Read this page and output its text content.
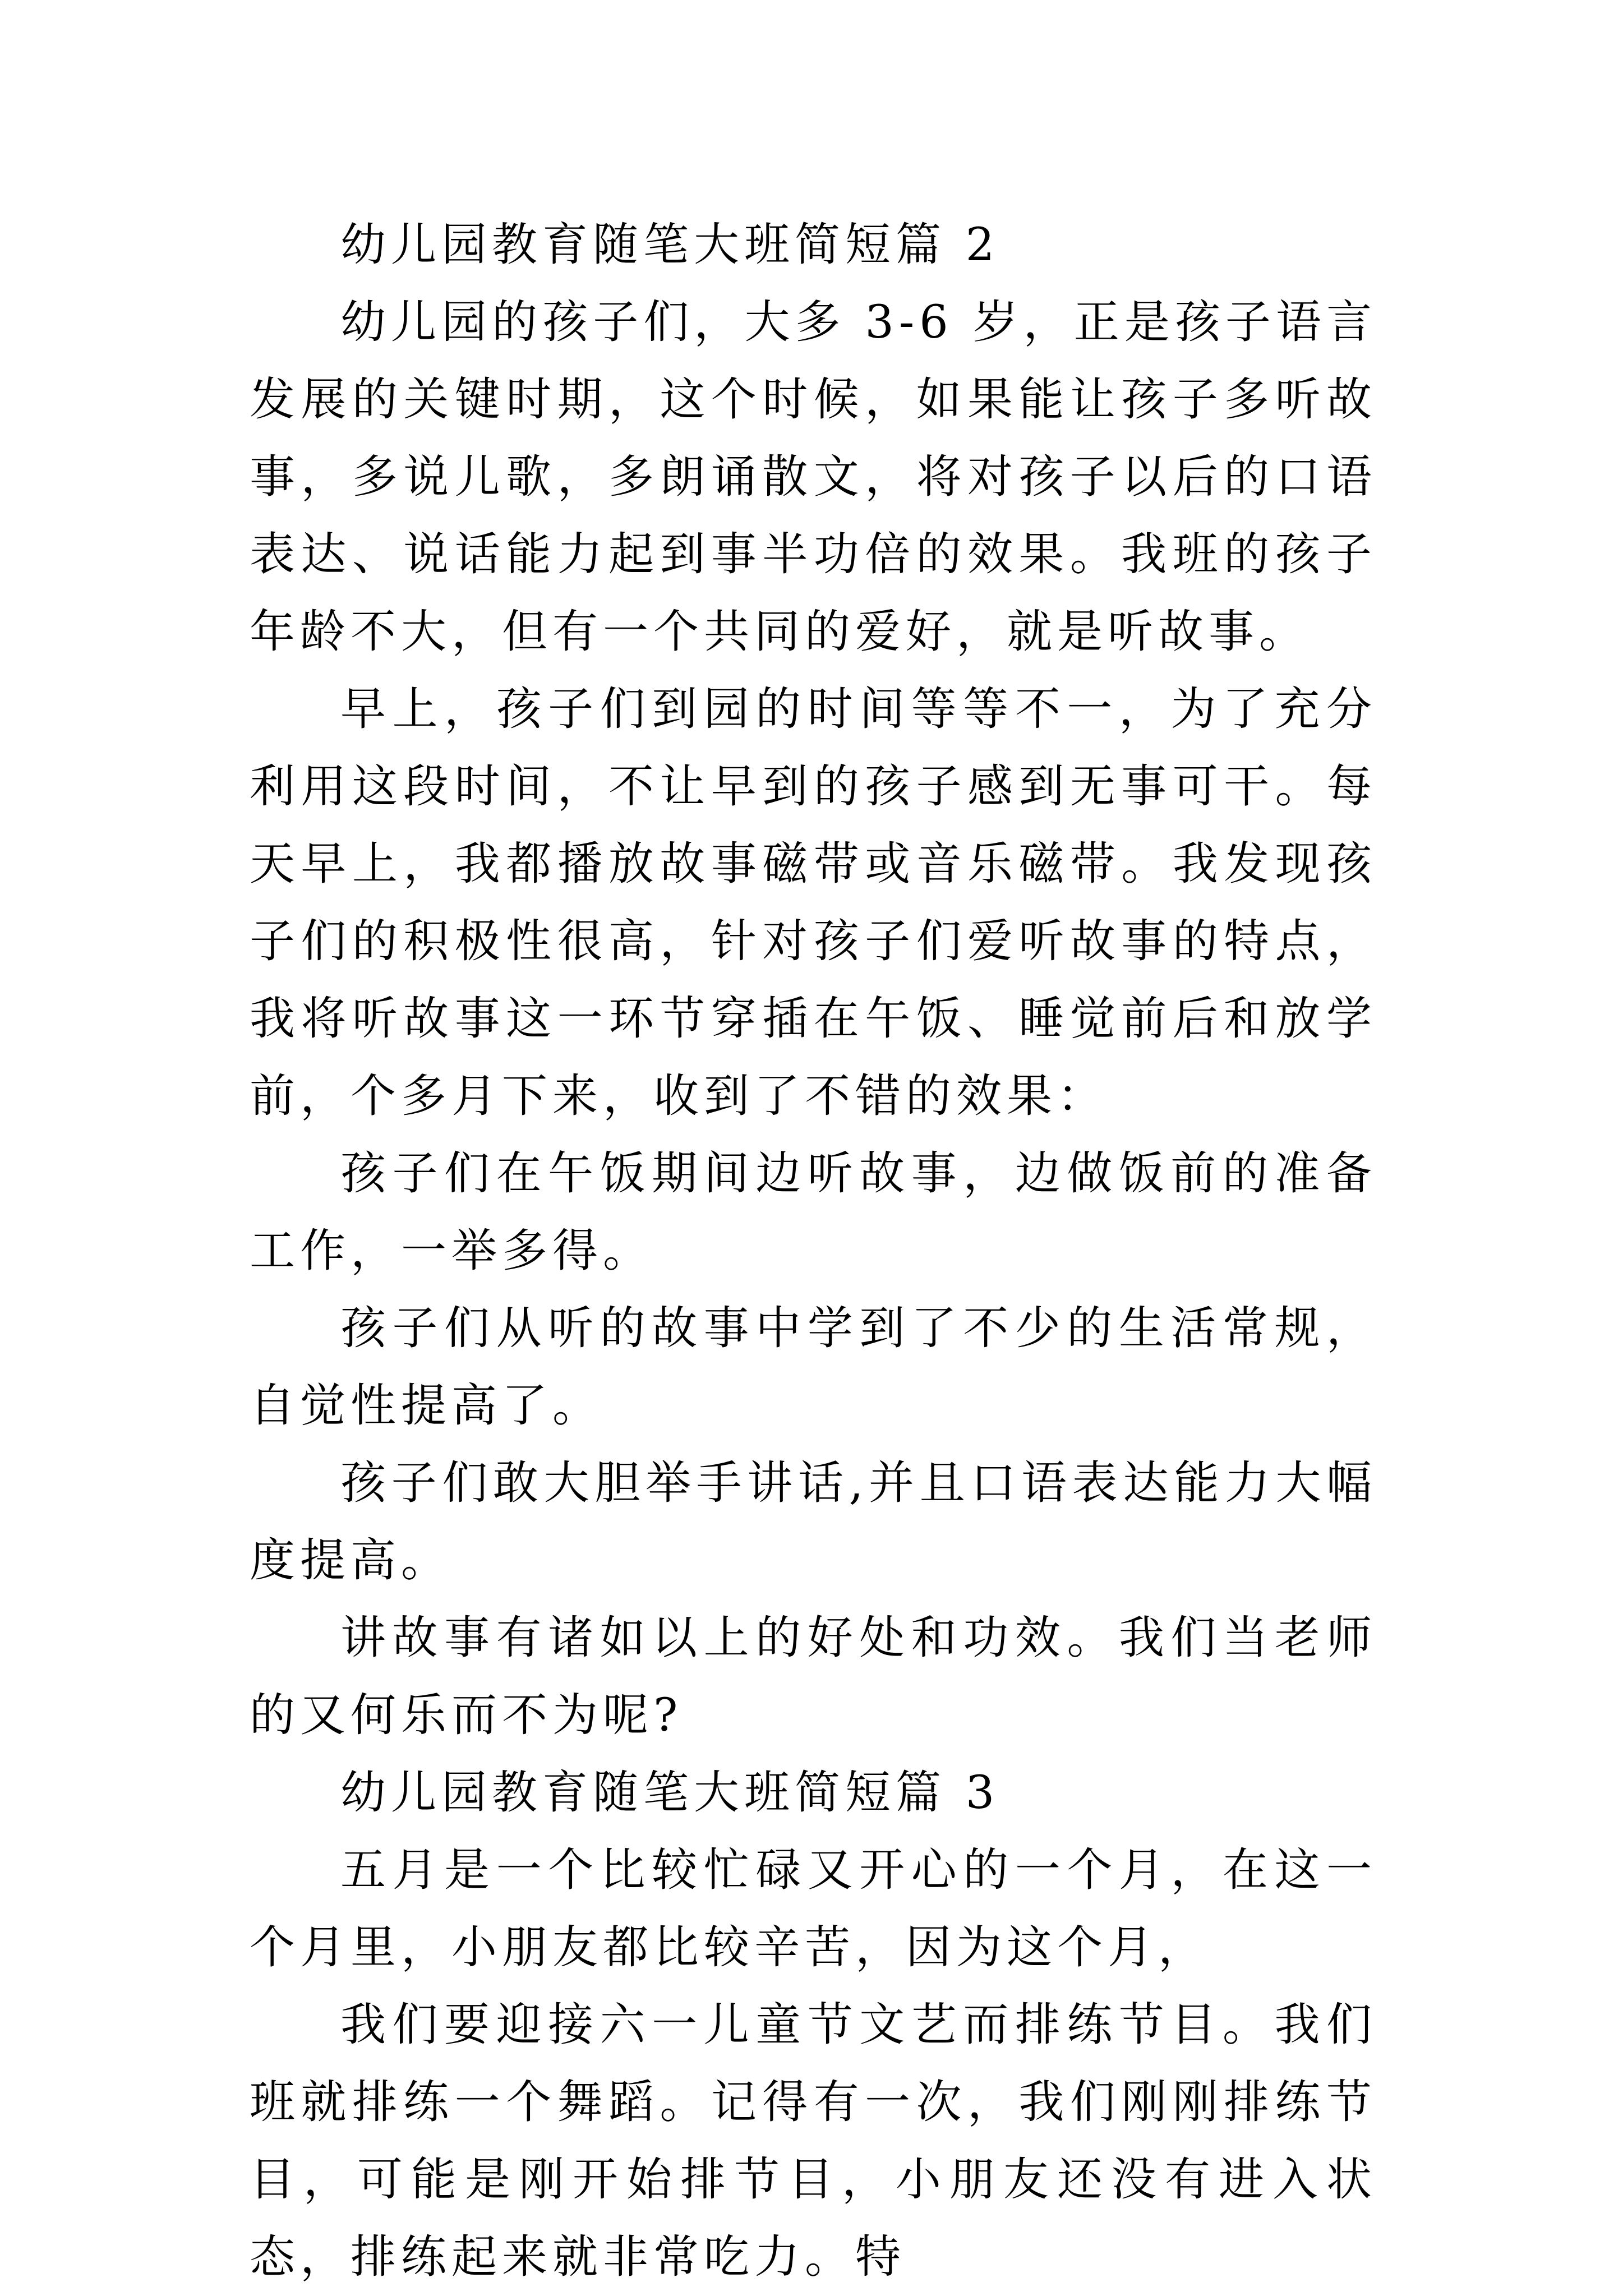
幼儿园教育随笔大班简短篇 2

幼儿园的孩子们，大多 3-6 岁，正是孩子语言发展的关键时期，这个时候，如果能让孩子多听故事，多说儿歌，多朗诵散文，将对孩子以后的口语表达、说话能力起到事半功倍的效果。我班的孩子年龄不大，但有一个共同的爱好，就是听故事。

早上，孩子们到园的时间等等不一，为了充分利用这段时间，不让早到的孩子感到无事可干。每天早上，我都播放故事磁带或音乐磁带。我发现孩子们的积极性很高，针对孩子们爱听故事的特点，我将听故事这一环节穿插在午饭、睡觉前后和放学前，个多月下来，收到了不错的效果：

孩子们在午饭期间边听故事，边做饭前的准备工作，一举多得。

孩子们从听的故事中学到了不少的生活常规，自觉性提高了。

孩子们敢大胆举手讲话,并且口语表达能力大幅度提高。

讲故事有诸如以上的好处和功效。我们当老师的又何乐而不为呢?

幼儿园教育随笔大班简短篇 3

五月是一个比较忙碌又开心的一个月，在这一个月里，小朋友都比较辛苦，因为这个月，

我们要迎接六一儿童节文艺而排练节目。我们班就排练一个舞蹈。记得有一次，我们刚刚排练节目，可能是刚开始排节目，小朋友还没有进入状态，排练起来就非常吃力。特
